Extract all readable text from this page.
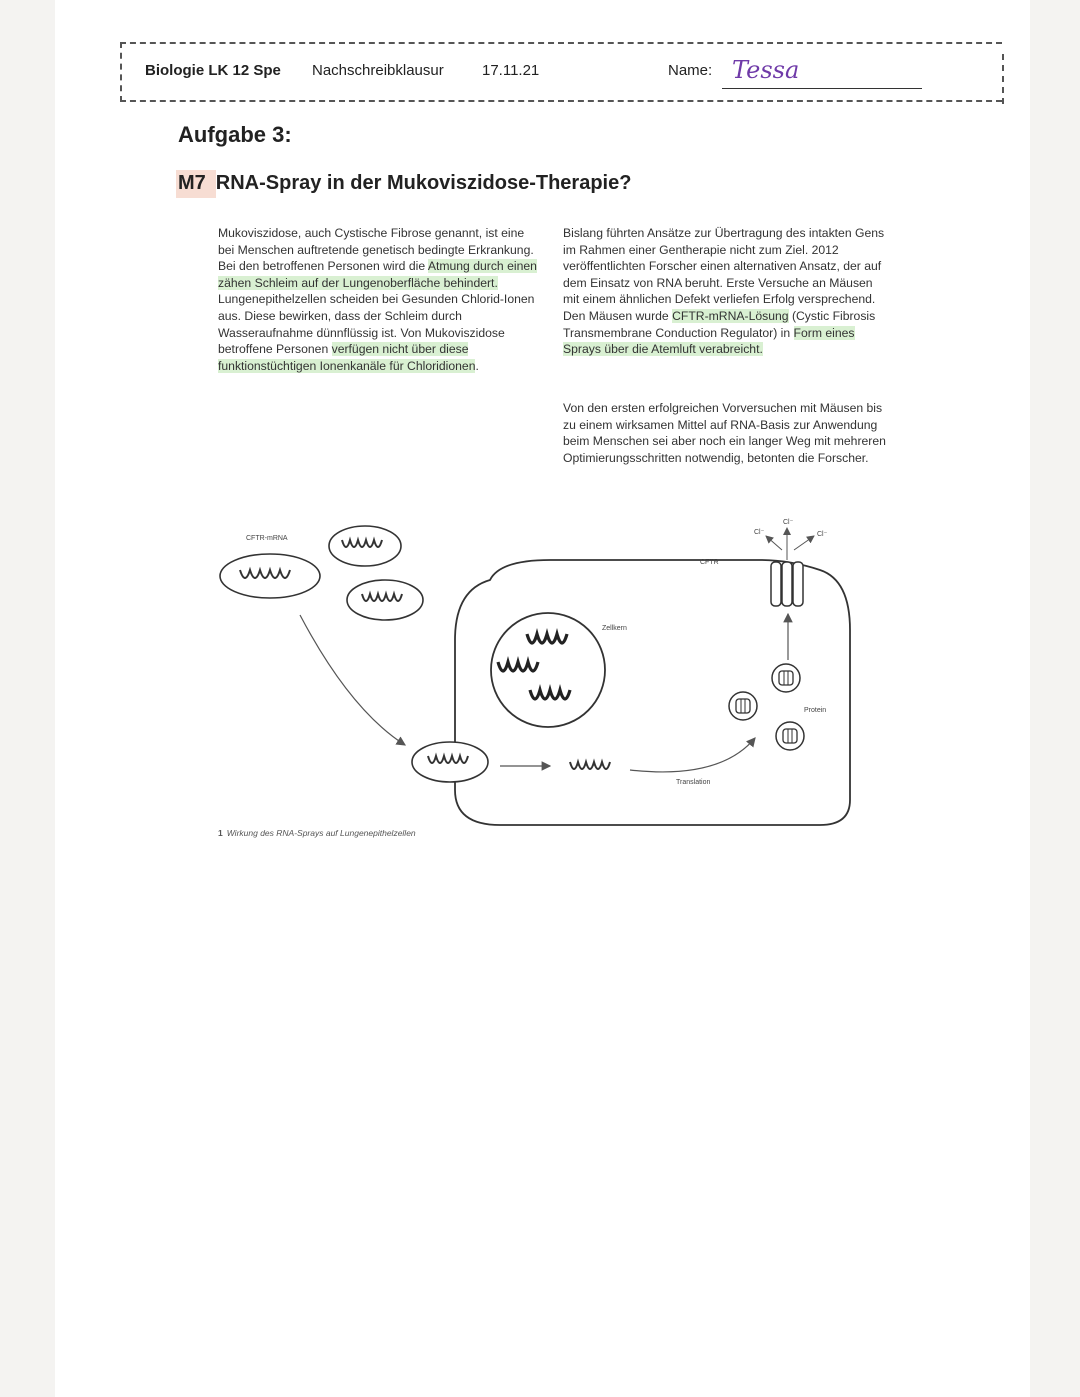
Biologie LK 12 Spe Nachschreibklausur	17.11.21	Name: Tessa
Aufgabe 3:
M7 RNA-Spray in der Mukoviszidose-Therapie?
Mukoviszidose, auch Cystische Fibrose genannt, ist eine bei Menschen auftretende genetisch bedingte Erkrankung. Bei den betroffenen Personen wird die Atmung durch einen zähen Schleim auf der Lungenoberfläche behindert. Lungenepithelzellen scheiden bei Gesunden Chlorid-Ionen aus. Diese bewirken, dass der Schleim durch Wasseraufnahme dünnflüssig ist. Von Mukoviszidose betroffene Personen verfügen nicht über diese funktionstüchtigen Ionenkanäle für Chloridionen.
Bislang führten Ansätze zur Übertragung des intakten Gens im Rahmen einer Gentherapie nicht zum Ziel. 2012 veröffentlichten Forscher einen alternativen Ansatz, der auf dem Einsatz von RNA beruht. Erste Versuche an Mäusen mit einem ähnlichen Defekt verliefen Erfolg versprechend. Den Mäusen wurde CFTR-mRNA-Lösung (Cystic Fibrosis Transmembrane Conduction Regulator) in Form eines Sprays über die Atemluft verabreicht.
Von den ersten erfolgreichen Vorversuchen mit Mäusen bis zu einem wirksamen Mittel auf RNA-Basis zur Anwendung beim Menschen sei aber noch ein langer Weg mit mehreren Optimierungsschritten notwendig, betonten die Forscher.
CFTR-mRNA
Translation
Zellkern
Protein
CFTR
Cl⁻
Cl⁻
Cl⁻
1 Wirkung des RNA-Sprays auf Lungenepithelzellen
